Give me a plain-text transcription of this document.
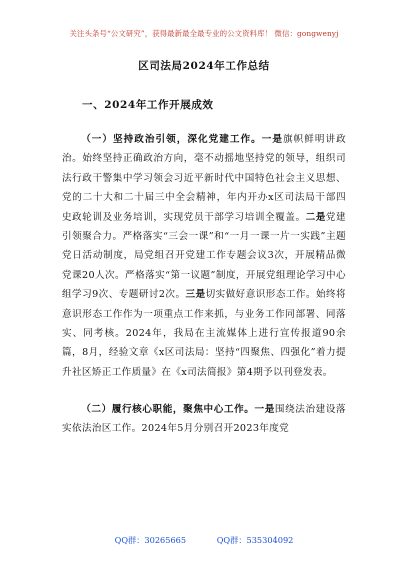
关注头条号“公文研究”，获得最新最全最专业的公文资料库！ 微信：gongwenyj
区司法局2024年工作总结
一、2024年工作开展成效

（一）坚持政治引领，深化党建工作。一是旗帜鲜明讲政治。始终坚持正确政治方向，毫不动摇地坚持党的领导，组织司法行政干警集中学习领会习近平新时代中国特色社会主义思想、党的二十大和二十届三中全会精神，年内开办x区司法局干部四史政轮训及业务培训，实现党员干部学习培训全覆盖。二是党建引领聚合力。严格落实“三会一课”和“一月一课一片一实践”主题党日活动制度，局党组召开党建工作专题会议3次，开展精品微党课20人次。严格落实“第一议题”制度，开展党组理论学习中心组学习9次、专题研讨2次。三是切实做好意识形态工作。始终将意识形态工作作为一项重点工作来抓，与业务工作同部署、同落实、同考核。2024年，我局在主流媒体上进行宣传报道90余篇，8月，经验文章《x区司法局：坚持“四聚焦、四强化”着力提升社区矫正工作质量》在《x司法简报》第4期予以刊登发表。

（二）履行核心职能，聚焦中心工作。一是围绕法治建设落实依法治区工作。2024年5月分别召开2023年度党

QQ群：30265665	QQ群：535304092
